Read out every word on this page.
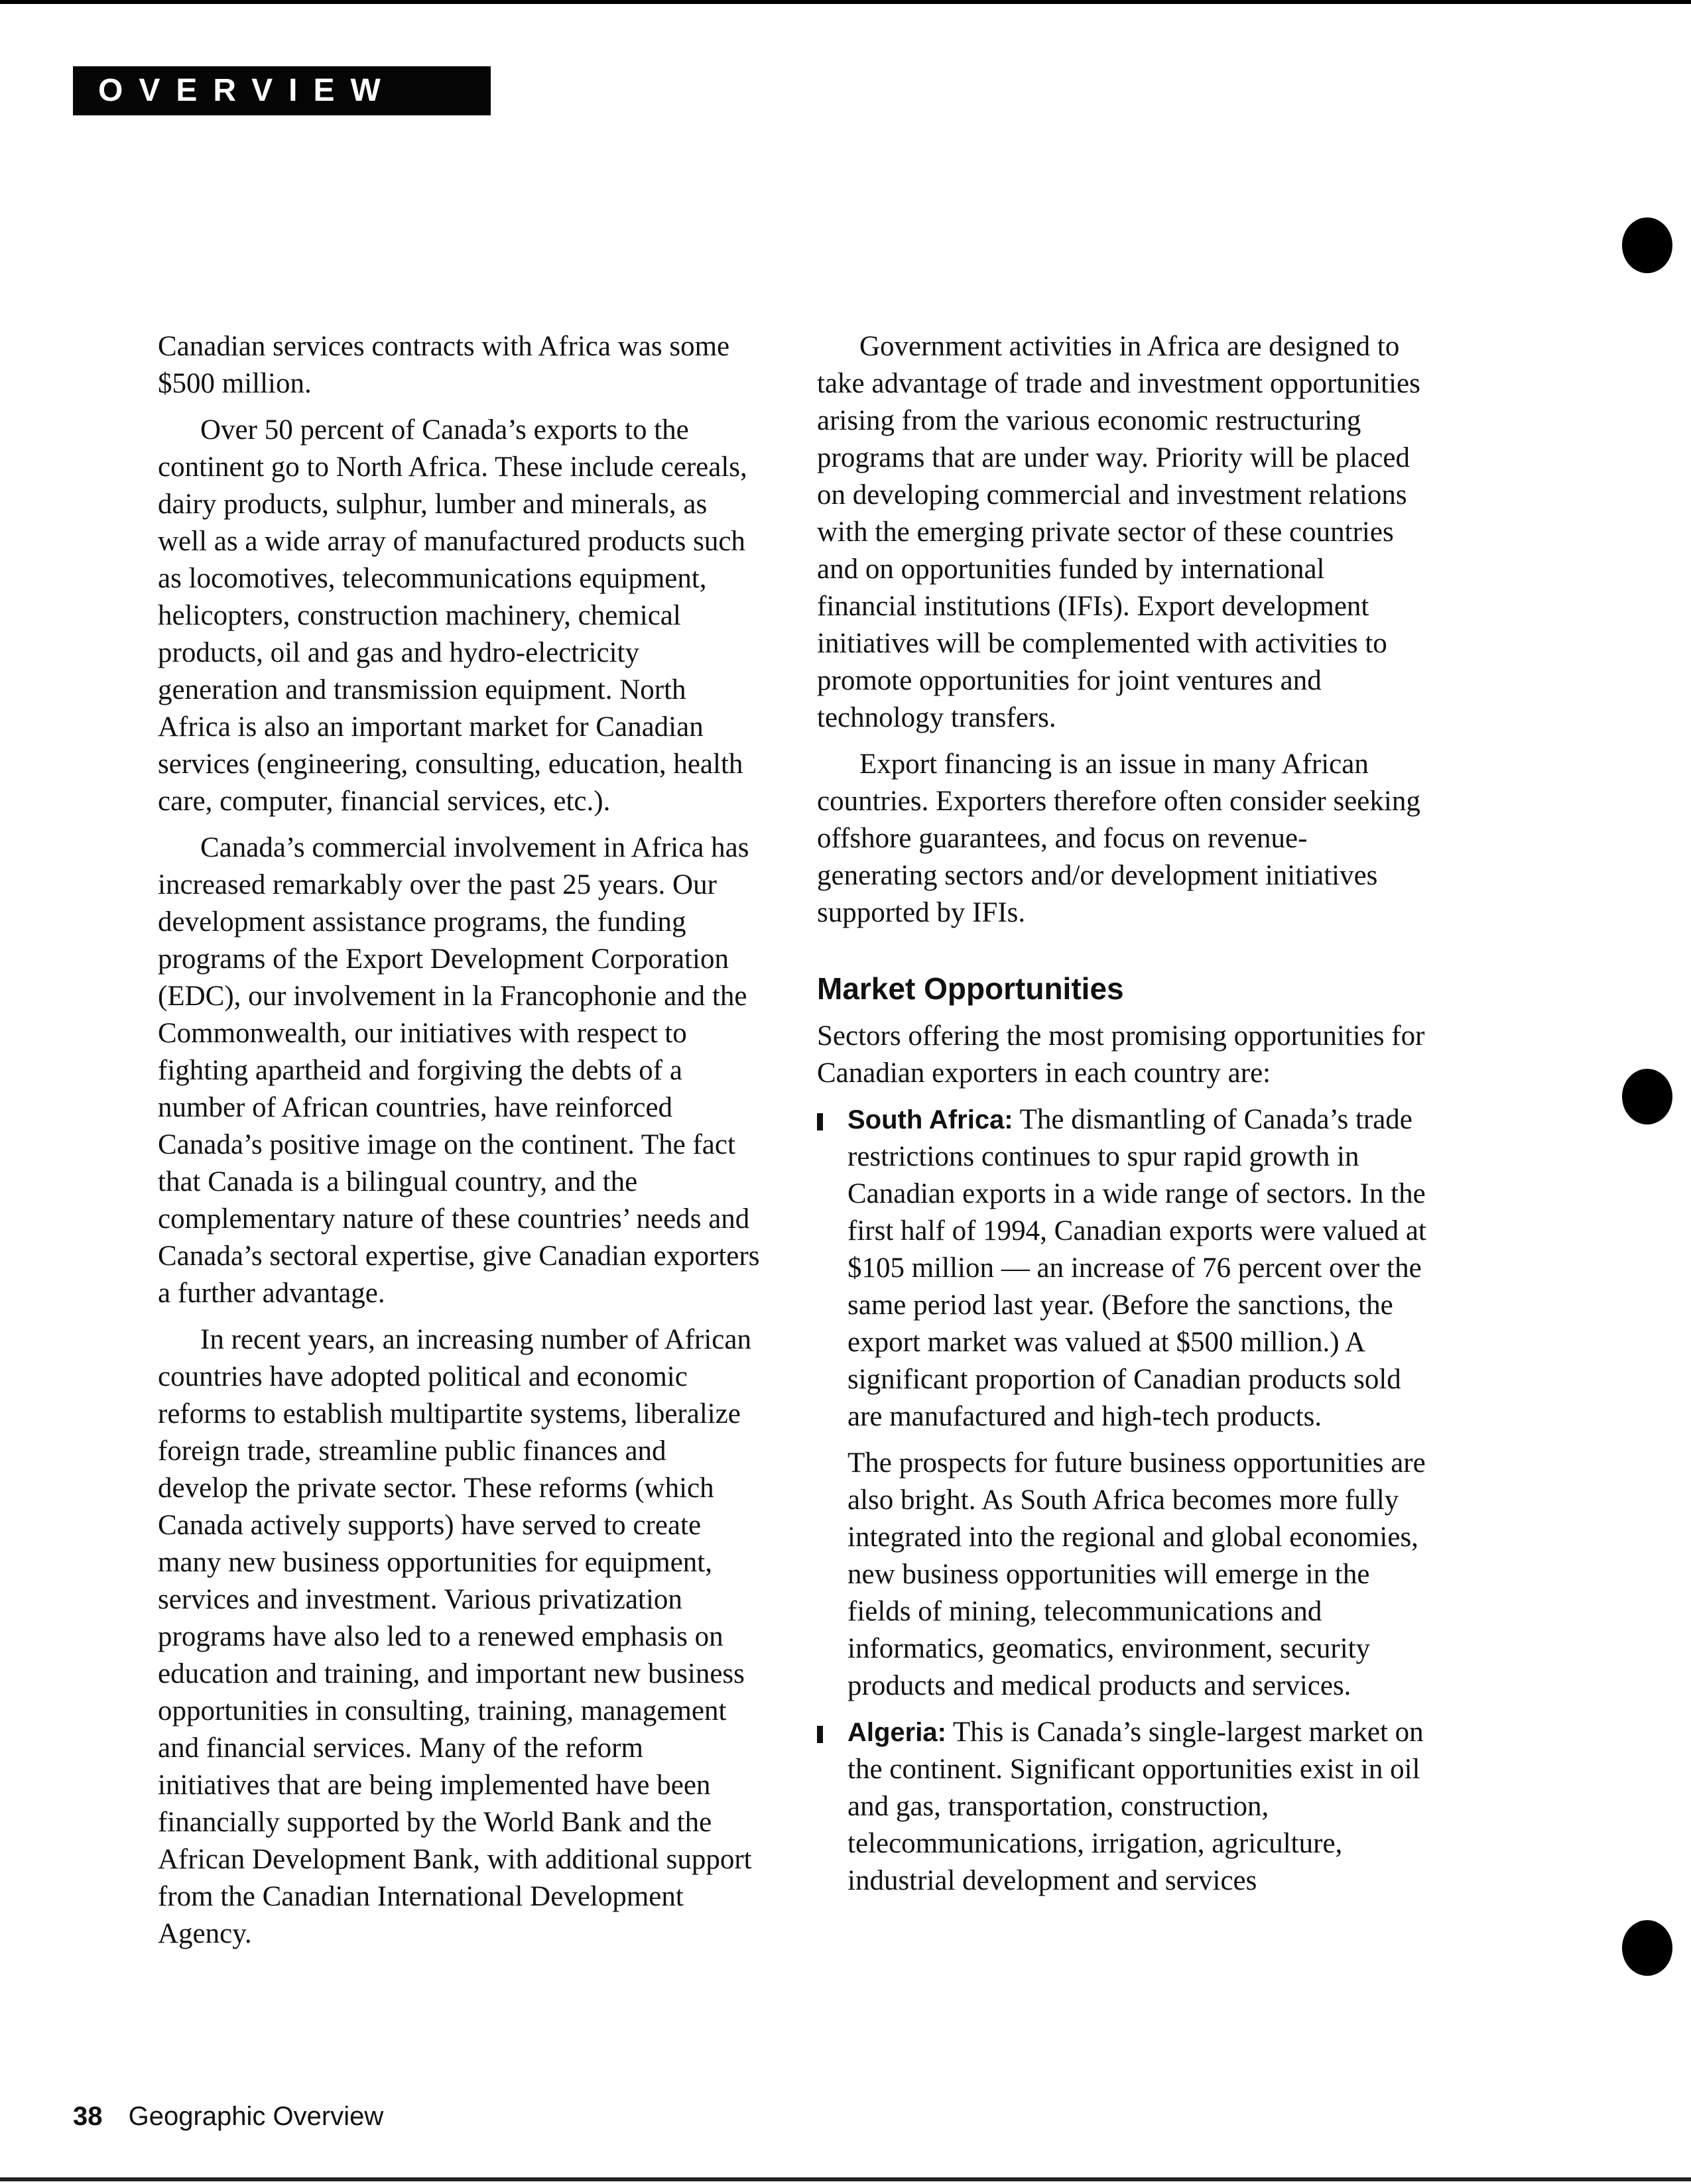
OVERVIEW

Canadian services contracts with Africa was some $500 million.

Over 50 percent of Canada’s exports to the continent go to North Africa. These include cereals, dairy products, sulphur, lumber and minerals, as well as a wide array of manufactured products such as locomotives, telecommunications equipment, helicopters, construction machinery, chemical products, oil and gas and hydro-electricity generation and transmission equipment. North Africa is also an important market for Canadian services (engineering, consulting, education, health care, computer, financial services, etc.).

Canada’s commercial involvement in Africa has increased remarkably over the past 25 years. Our development assistance programs, the funding programs of the Export Development Corporation (EDC), our involvement in la Francophonie and the Commonwealth, our initiatives with respect to fighting apartheid and forgiving the debts of a number of African countries, have reinforced Canada’s positive image on the continent. The fact that Canada is a bilingual country, and the complementary nature of these countries’ needs and Canada’s sectoral expertise, give Canadian exporters a further advantage.

In recent years, an increasing number of African countries have adopted political and economic reforms to establish multipartite systems, liberalize foreign trade, streamline public finances and develop the private sector. These reforms (which Canada actively supports) have served to create many new business opportunities for equipment, services and investment. Various privatization programs have also led to a renewed emphasis on education and training, and important new business opportunities in consulting, training, management and financial services. Many of the reform initiatives that are being implemented have been financially supported by the World Bank and the African Development Bank, with additional support from the Canadian International Development Agency.

Government activities in Africa are designed to take advantage of trade and investment opportunities arising from the various economic restructuring programs that are under way. Priority will be placed on developing commercial and investment relations with the emerging private sector of these countries and on opportunities funded by international financial institutions (IFIs). Export development initiatives will be complemented with activities to promote opportunities for joint ventures and technology transfers.

Export financing is an issue in many African countries. Exporters therefore often consider seeking offshore guarantees, and focus on revenue-generating sectors and/or development initiatives supported by IFIs.

Market Opportunities

Sectors offering the most promising opportunities for Canadian exporters in each country are:

South Africa: The dismantling of Canada’s trade restrictions continues to spur rapid growth in Canadian exports in a wide range of sectors. In the first half of 1994, Canadian exports were valued at $105 million — an increase of 76 percent over the same period last year. (Before the sanctions, the export market was valued at $500 million.) A significant proportion of Canadian products sold are manufactured and high-tech products.

The prospects for future business opportunities are also bright. As South Africa becomes more fully integrated into the regional and global economies, new business opportunities will emerge in the fields of mining, telecommunications and informatics, geomatics, environment, security products and medical products and services.

Algeria: This is Canada’s single-largest market on the continent. Significant opportunities exist in oil and gas, transportation, construction, telecommunications, irrigation, agriculture, industrial development and services
38 Geographic Overview
